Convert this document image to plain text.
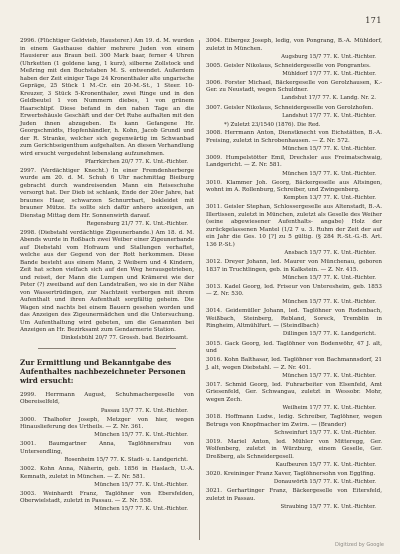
171

2996. (Flüchtiger Geldvieb, Hausterer.) Am 19. d. M. wurden in einem Gasthause dahier mehrere Juden von einem Hausierer aus Braun beil. 300 Mark baar, ferner 4 Uhren (Uhrketten (1 goldene lang, 1 kurz), silberne Zollstock und Meßring mit den Buchstaben M. S. entwendet. Außerdem haben der Zeit einiger Tage 24 Kronenthaler alte ungarische Gepräge, 25 Stück 1 M.-Cr. ein 20-M.-St., 1 Steer. 10-Kreuzer, 3 Stück 5-Kronenthaler, zwei Ringe und in den Geldbeutel 1 von Nummern diebes, 1 von grünem Haarschlipf. Diese befand in den nahen Tage an die Erwerbshäusle Geschäft und der Ort Ruhe aufhalten mit den Juden ihnen abzugeben. Es kann Gefangene Hr. Georgschmidts, Hopfenhändler, h. Kohn, Jacob Grundl und der R. Stranke, welcher sich gegenwärtig im Schwanbad zum Gerichtseigenthum aufgehalten. An diesen Verhandlung wird ersucht vergedehnt lebenslang aufzunehmen.

Pfarrkirchen 20/7 77. K. Unt.-Richter.

2997. (Verdächtiger Knecht.) In einer Fremdenherberge wurde am 20. d. M. Schuh 6 Uhr nachmittag Bieiburg gebracht durch wandreisenden Mann ein Reiseschuhe versorgt hat. Der Dieb ist schlank, Ende der 20er Jahre, hat braunes Haar, schwarzen Schnurrbart, bekleidet mit brauner Mütze. Es sollte sich dafür anhero anzeigen, an Dienstag Mittag dem Hr. Sonnenwirth darauf.

Regensburg 21/7 77. K. Unt.-Richter.

2998. (Diebstahl verdächtige Zigeunerbande.) Am 18. d. M. Abends wurde in Roßbach zwei Weiber einer Zigeunerbande auf Diebstahl vom Hofraum und Stallungen verhaftet, welche aus der Gegend von der Rott herkommen. Diese Bande besteht aus einem Mann, 2 Weibern und 4 Kindern, Zeit hat schon vielfach sich auf den Weg herausgetrieben, und reiset, der Mann die Lumpen und Krämerei wie der Peter (?) zweiband auf den Landstraßen, wo sie in der Nähe von Wassertrüdingen, zur Nachtzeit verbergen mit ihrem Aufenthalt und ihren Aufenthalt sorgfältig geheim. Die Wagen sind nachts bei einem Bauern gesehen worden und das Anzeigen des Zigeunermädchen und die Untersuchung. Um Aufenthaltung wird gebeten, um die Genannten bei Anzeigen an Hr. Bezirksamt zum Gendarmerie Station.

Dinkelsbühl 20/7 77. Grossh. bad. Bezirksamt.
Zur Ermittlung und Bekanntgabe des Aufenthaltes nachbezeichneter Personen wird ersucht:

2999. Herrmann August, Schuhmachergeselle von Obereiselfeld,

Passau 15/7 77. K. Unt.-Richter.

3000. Thalhofer Joseph, Metzger von hier, wegen Hinauslieferung des Urtheils. — Z. Nr. 361.

München 15/7 77. K. Unt.-Richter.

3001. Baumgartner Anna, Taglöhnersfrau von Untersendling,

Rosenheim 15/7 77. K. Stadt- u. Landgericht.

3002. Kohn Anna, Näherin, geb. 1856 in Haslach, U.-A. Kemnath, zuletzt in München. — Z. Nr. 581.

München 15/7 77. K. Unt.-Richter.

3003. Weinhardt Franz, Taglöhner von Ebersfelden, Oberwielstadt, zuletzt in Passau. — Z. Nr. 558.

München 15/7 77. K. Unt.-Richter.

3004. Eibergez Joseph, ledig, von Pongrang, B.-A. Mühldorf, zuletzt in München.

Augsburg 15/7 77. K. Unt.-Richter.

3005. Geisler Nikolaus, Schneidergeselle von Pongrantes.

Mühldorf 17/7 77. K. Unt.-Richter.

3006. Forster Michael, Bäckergeselle von Gerolzhausen, K.-Ger. zu Neustadt, wegen Schuldner.

Landshut 17/7 77. K. Landg. Nr. 2.

3007. Geisler Nikolaus, Schneidergeselle von Gerolzhofen.

Landshut 17/7 77. K. Unt.-Richter.

*) Zuletzt 23/1540 (1876). Die Red.

3008. Herrmann Anton, Dienstknecht von Eichstätten, B.-A. Freising, zuletzt in Schrobenhausen. — Z. Nr. 572.

München 15/7 77. K. Unt.-Richter.

3009. Humpelstötter Emil, Drechsler aus Freimatschwaig, Landgericht. — Z. Nr. 581.

München 15/7 77. K. Unt.-Richter.

3010. Klammer Joh. Georg, Bäckergeselle aus Altsingen, wohnt im A. Rollenburg, Schreiber, und Zwingenberg.

Kempten 13/7 77. K. Unt.-Richter.

3011. Geisler Stephan, Schlossergeselle aus Altenstadt, B.-A. Illertissen, zuletzt in München, zuletzt als Geselle des Weiher (seine abgewiesener Aufenthalts- angabe) Holz der zurückgelassenen Mantel (1/2 7 u. 3. Ruhm der Zeit der auf ein Jahr die Ges. 10 [?] zu 5 gültig. (§ 284 R.-St.-G.-B. Art. 136 P.-St.)

Ansbach 15/7 77. K. Unt.-Richter.

3012. Dreyer Johann, led. Maurer von Münchenau, geboren 1837 in Truchtlingen, geb. in Kalkstein. — Z. Nr. 415.

München 15/7 77. K. Unt.-Richter.

3013. Kadel Georg, led. Friseur von Unteresheim, geb. 1853 — Z. Nr. 530.

München 15/7 77. K. Unt.-Richter.

3014. Geidemüller Johann, led. Taglöhner von Rodenbach, Weißbach, Steinberg, Rebland, Soreck, Tremblin in Ringheim, Altmühlfurt. — (Steindlbach)

Dillingen 15/7 77. K. Landgericht.

3015. Gack Georg, led. Taglöhner von Bodenwöhr, 47 J. alt, und

3016. Kohn Balthasar, led. Taglöhner von Bachmannsdorf, 21 J. alt, wegen Diebstahl. — Z. Nr. 401.

München 15/7 77. K. Unt.-Richter.

3017. Schmid Georg, led. Fuhrarbeiter von Elsenfeld, Amt Griesenfeld, Ger. Schwangau, zuletzt in Wessobr. Mohr, wegen Zech.

Weilheim 17/7 77. K. Unt.-Richter.

3018. Hoffmann Ludw., ledig. Schreiber, Taglöhner, wegen Betrugs von Knopfmacher im Zwirn. — (Brander)

Schweinfurt 15/7 77. K. Unt.-Richter.

3019. Mariel Anton, led. Mühler von Mitteregg, Ger. Wolfenberg, zuletzt in Würzburg, einem Geselle, Ger. Dreßberg, als Schneidergesell.

Kaufbeuren 15/7 77. K. Unt.-Richter.

3020. Kreininger Franz Xaver, Taglöhnersohn von Egglfing.

Donauwörth 15/7 77. K. Unt.-Richter.

3021. Gerhartinger Franz, Bäckergeselle von Eitersfeld, zuletzt in Passau.

Straubing 15/7 77. K. Unt.-Richter.

Digitized by Google
